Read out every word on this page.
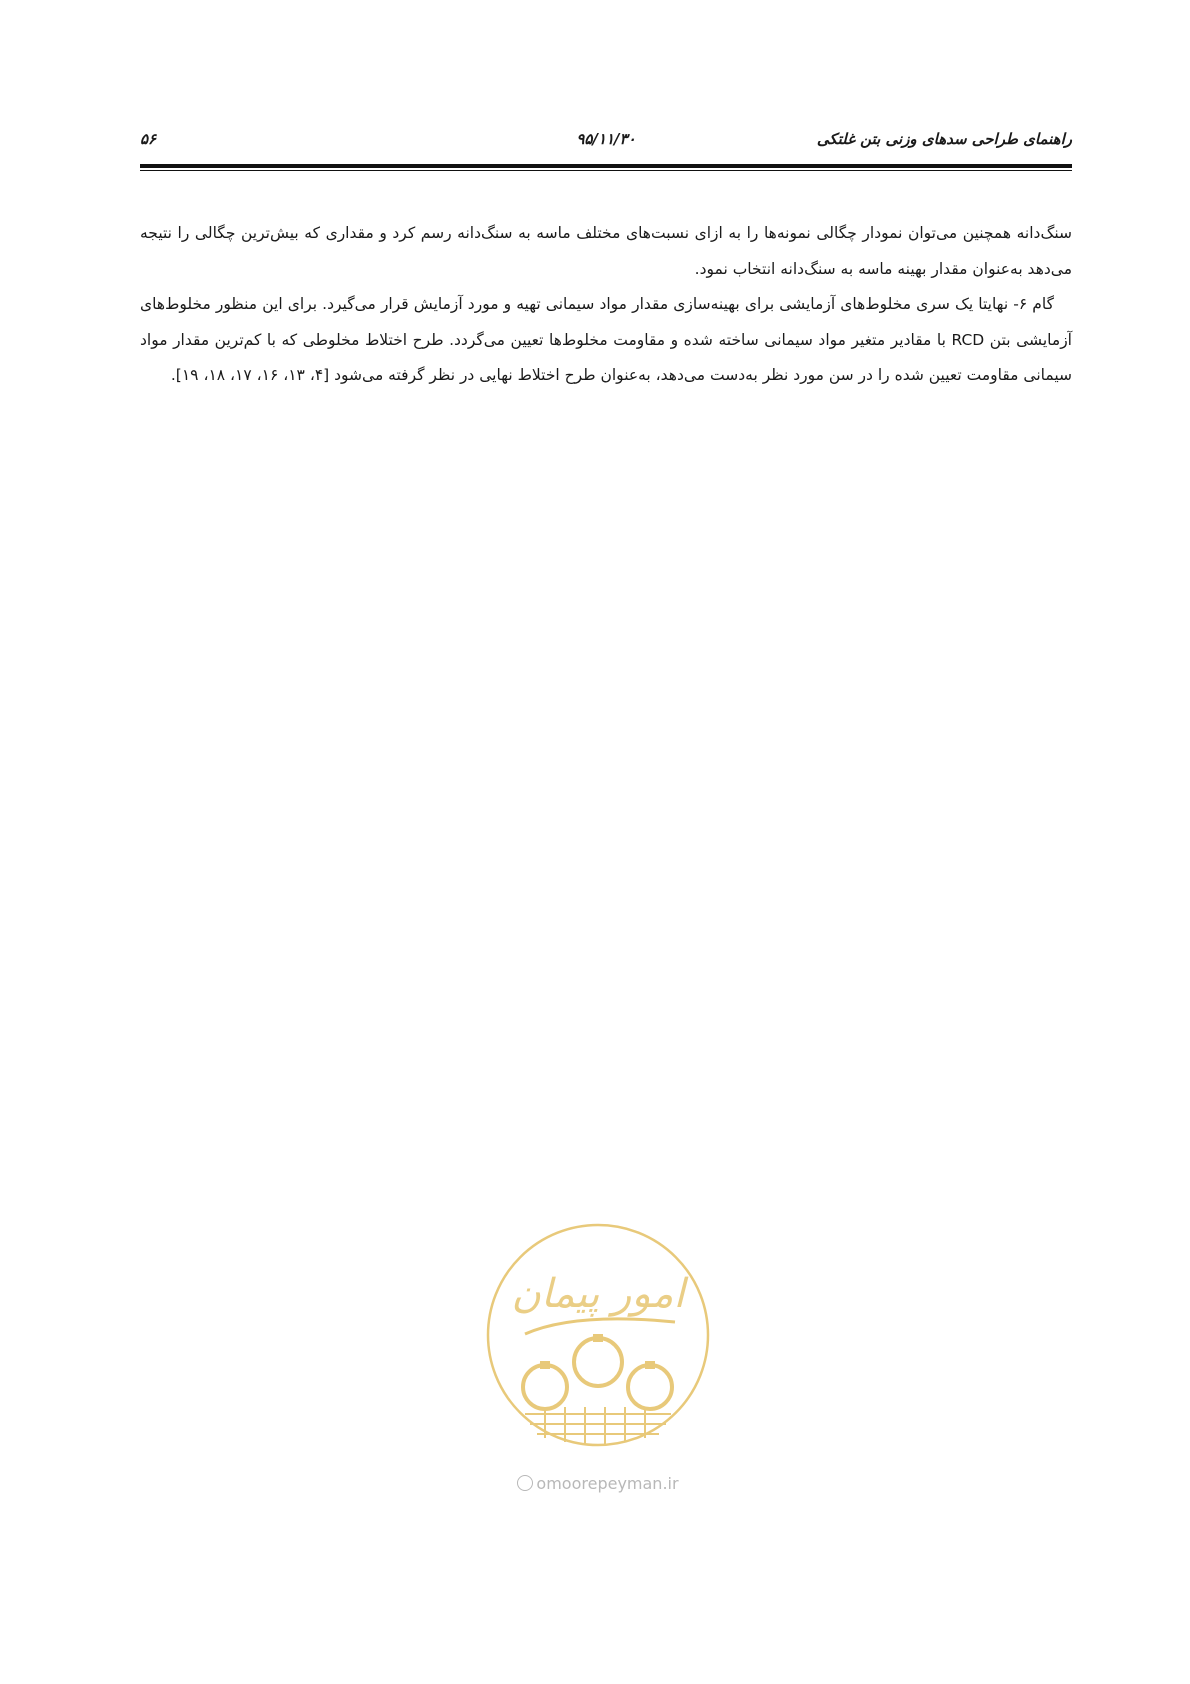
راهنمای طراحی سدهای وزنی بتن غلتکی
۹۵/۱۱/۳۰
۵۶

سنگ‌دانه همچنین می‌توان نمودار چگالی نمونه‌ها را به ازای نسبت‌های مختلف ماسه به سنگ‌دانه رسم کرد و مقداری که بیش‌ترین چگالی را نتیجه می‌دهد به‌عنوان مقدار بهینه ماسه به سنگ‌دانه انتخاب نمود.

گام ۶- نهایتا یک سری مخلوط‌های آزمایشی برای بهینه‌سازی مقدار مواد سیمانی تهیه و مورد آزمایش قرار می‌گیرد. برای این منظور مخلوط‌های آزمایشی بتن RCD با مقادیر متغیر مواد سیمانی ساخته شده و مقاومت مخلوط‌ها تعیین می‌گردد. طرح اختلاط مخلوطی که با کم‌ترین مقدار مواد سیمانی مقاومت تعیین شده را در سن مورد نظر به‌دست می‌دهد، به‌عنوان طرح اختلاط نهایی در نظر گرفته می‌شود [۴، ۱۳، ۱۶، ۱۷، ۱۸، ۱۹].

امور پیمان
omoorepeyman.ir
